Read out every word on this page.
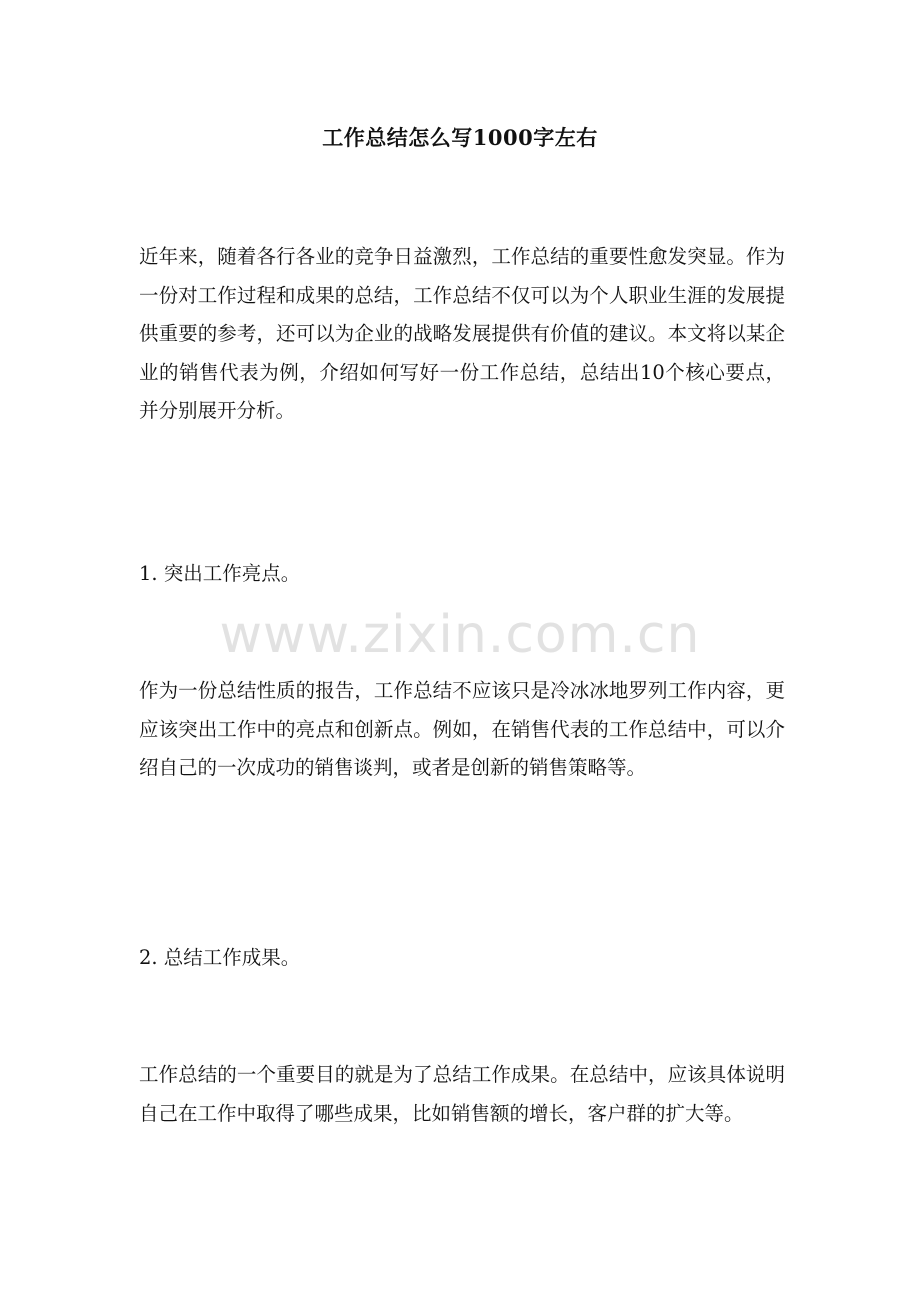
工作总结怎么写1000字左右
近年来，随着各行各业的竞争日益激烈，工作总结的重要性愈发突显。作为一份对工作过程和成果的总结，工作总结不仅可以为个人职业生涯的发展提供重要的参考，还可以为企业的战略发展提供有价值的建议。本文将以某企业的销售代表为例，介绍如何写好一份工作总结，总结出10个核心要点，并分别展开分析。
1. 突出工作亮点。
www.zixin.com.cn
作为一份总结性质的报告，工作总结不应该只是冷冰冰地罗列工作内容，更应该突出工作中的亮点和创新点。例如，在销售代表的工作总结中，可以介绍自己的一次成功的销售谈判，或者是创新的销售策略等。
2. 总结工作成果。
工作总结的一个重要目的就是为了总结工作成果。在总结中，应该具体说明自己在工作中取得了哪些成果，比如销售额的增长，客户群的扩大等。
